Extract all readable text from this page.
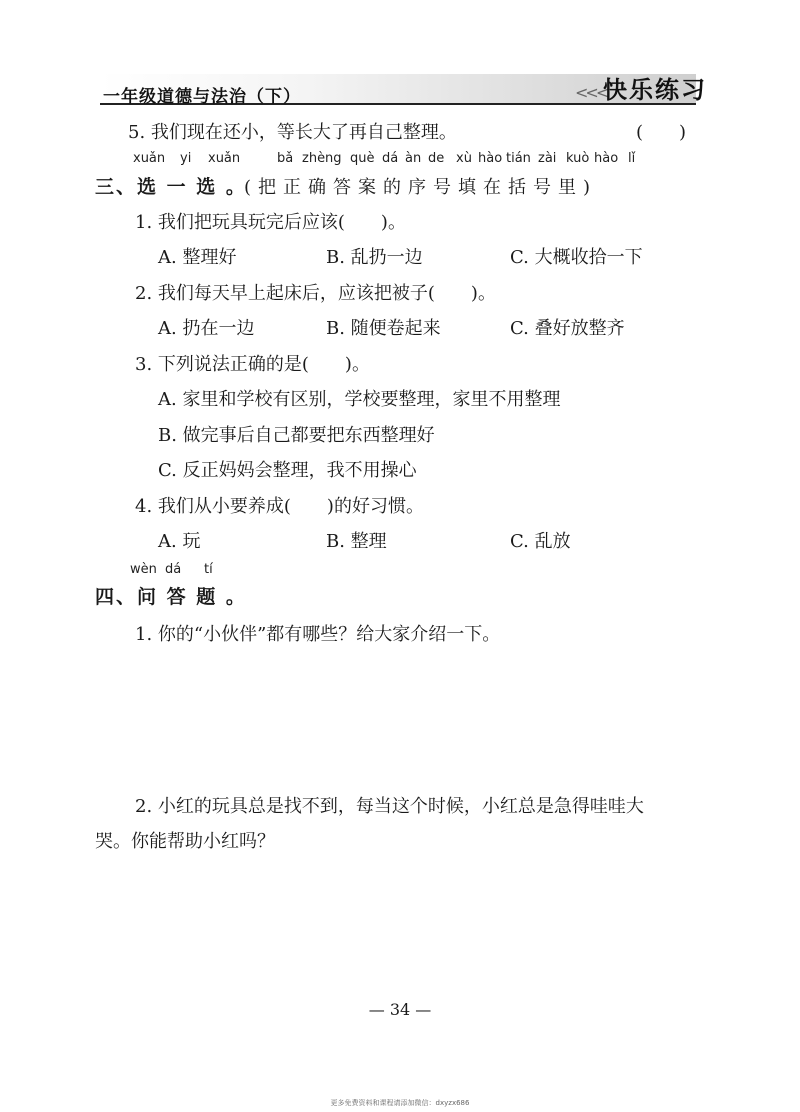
一年级道德与法治（下）	<<<
快乐练习
5. 我们现在还小，等长大了再自己整理。	(　　)
xuǎn yi xuǎn	bǎ zhèng què dá àn de xù hào tián zài kuò hào lǐ
三、选 一 选 。
(把正确答案的序号填在括号里)
1. 我们把玩具玩完后应该(　　)。
A. 整理好	B. 乱扔一边	C. 大概收拾一下
2. 我们每天早上起床后，应该把被子(　　)。
A. 扔在一边	B. 随便卷起来	C. 叠好放整齐
3. 下列说法正确的是(　　)。
A. 家里和学校有区别，学校要整理，家里不用整理
B. 做完事后自己都要把东西整理好
C. 反正妈妈会整理，我不用操心
4. 我们从小要养成(　　)的好习惯。
A. 玩	B. 整理	C. 乱放
wèn dá tí
四、问 答 题 。
1. 你的“小伙伴”都有哪些？给大家介绍一下。
2. 小红的玩具总是找不到，每当这个时候，小红总是急得哇哇大
哭。你能帮助小红吗？
— 34 —
更多免费资料和课程请添加微信：dxyzx686
